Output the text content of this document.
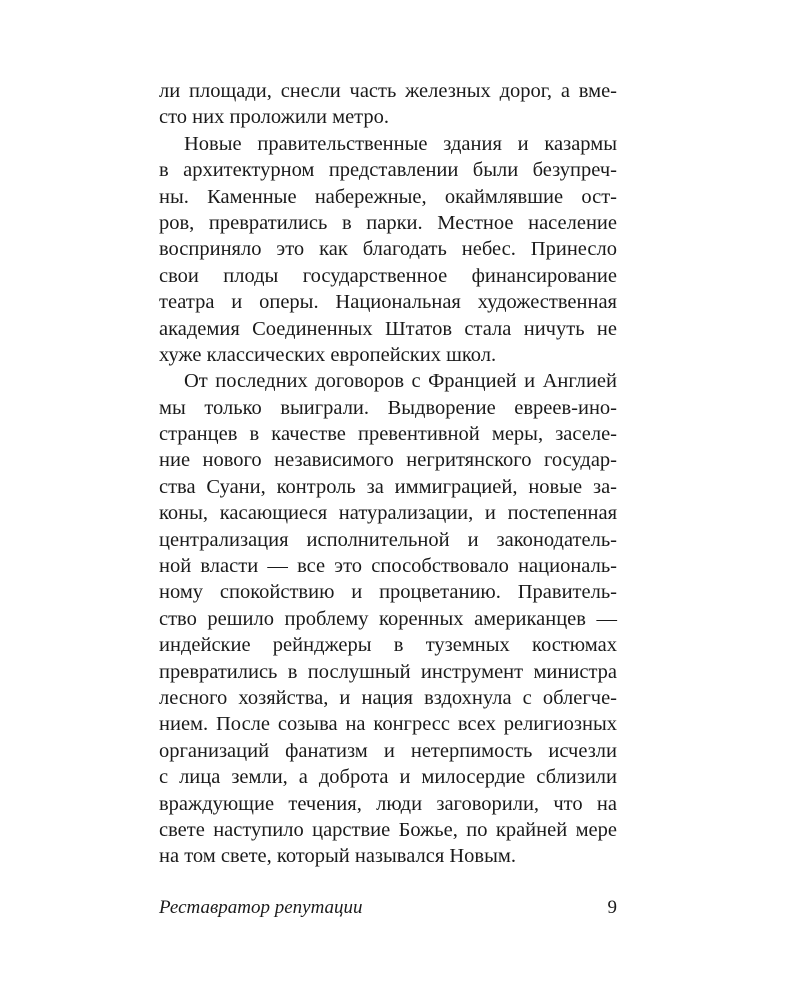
ли площади, снесли часть железных дорог, а вме-
сто них проложили метро.
Новые правительственные здания и казармы
в архитектурном представлении были безупреч-
ны. Каменные набережные, окаймлявшие ост-
ров, превратились в парки. Местное население
восприняло это как благодать небес. Принесло
свои плоды государственное финансирование
театра и оперы. Национальная художественная
академия Соединенных Штатов стала ничуть не
хуже классических европейских школ.
От последних договоров с Францией и Англией
мы только выиграли. Выдворение евреев-ино-
странцев в качестве превентивной меры, заселе-
ние нового независимого негритянского государ-
ства Суани, контроль за иммиграцией, новые за-
коны, касающиеся натурализации, и постепенная
централизация исполнительной и законодатель-
ной власти — все это способствовало националь-
ному спокойствию и процветанию. Правитель-
ство решило проблему коренных американцев —
индейские рейнджеры в туземных костюмах
превратились в послушный инструмент министра
лесного хозяйства, и нация вздохнула с облегче-
нием. После созыва на конгресс всех религиозных
организаций фанатизм и нетерпимость исчезли
с лица земли, а доброта и милосердие сблизили
враждующие течения, люди заговорили, что на
свете наступило царствие Божье, по крайней мере
на том свете, который назывался Новым.
Реставратор репутации	9
